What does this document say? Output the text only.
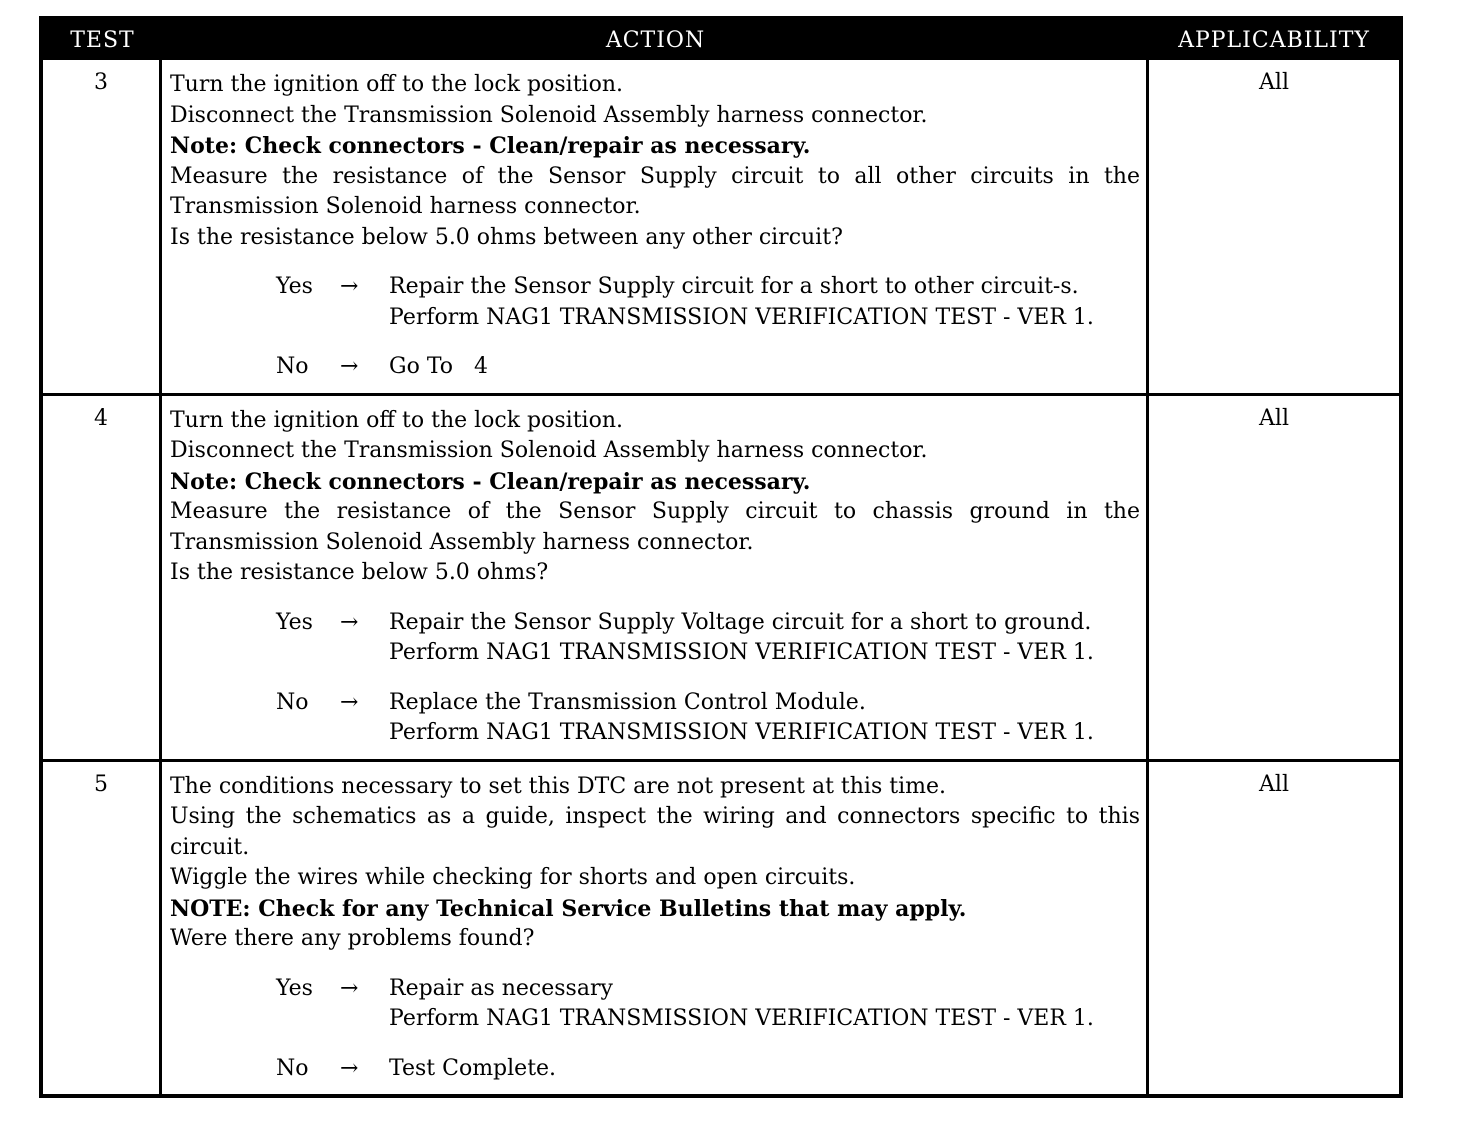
TEST	ACTION	APPLICABILITY
3	Turn the ignition off to the lock position.
Disconnect the Transmission Solenoid Assembly harness connector.
Note: Check connectors - Clean/repair as necessary.
Measure the resistance of the Sensor Supply circuit to all other circuits in the Transmission Solenoid harness connector.
Is the resistance below 5.0 ohms between any other circuit?
Yes	→	Repair the Sensor Supply circuit for a short to other circuit-s.
Perform NAG1 TRANSMISSION VERIFICATION TEST - VER 1.
No	→	Go To   4
All
4	Turn the ignition off to the lock position.
Disconnect the Transmission Solenoid Assembly harness connector.
Note: Check connectors - Clean/repair as necessary.
Measure the resistance of the Sensor Supply circuit to chassis ground in the Transmission Solenoid Assembly harness connector.
Is the resistance below 5.0 ohms?
Yes	→	Repair the Sensor Supply Voltage circuit for a short to ground.
Perform NAG1 TRANSMISSION VERIFICATION TEST - VER 1.
No	→	Replace the Transmission Control Module.
Perform NAG1 TRANSMISSION VERIFICATION TEST - VER 1.
All
5	The conditions necessary to set this DTC are not present at this time.
Using the schematics as a guide, inspect the wiring and connectors specific to this circuit.
Wiggle the wires while checking for shorts and open circuits.
NOTE: Check for any Technical Service Bulletins that may apply.
Were there any problems found?
Yes	→	Repair as necessary
Perform NAG1 TRANSMISSION VERIFICATION TEST - VER 1.
No	→	Test Complete.
All
